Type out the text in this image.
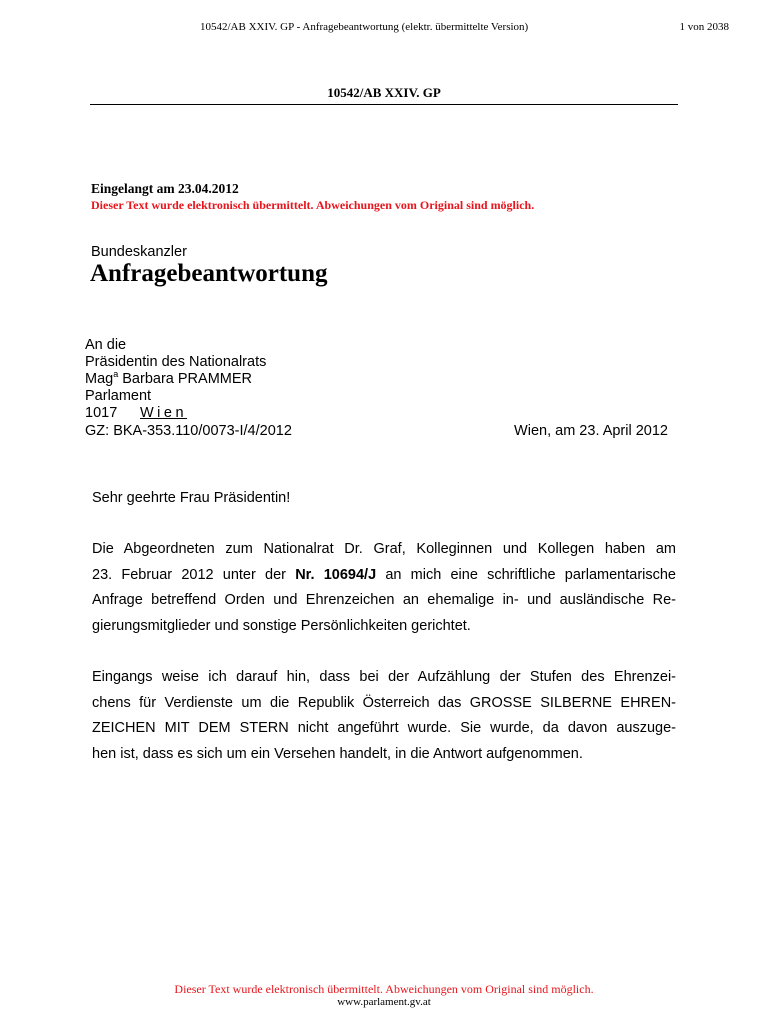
10542/AB XXIV. GP - Anfragebeantwortung (elektr. übermittelte Version)	1 von 2038
10542/AB XXIV. GP
Eingelangt am 23.04.2012
Dieser Text wurde elektronisch übermittelt. Abweichungen vom Original sind möglich.
Bundeskanzler
Anfragebeantwortung
An die
Präsidentin des Nationalrats
Mag$^a$ Barbara PRAMMER
Parlament
1017 Wien
GZ: BKA-353.110/0073-I/4/2012	Wien, am 23. April 2012
Sehr geehrte Frau Präsidentin!
Die Abgeordneten zum Nationalrat Dr. Graf, Kolleginnen und Kollegen haben am
23. Februar 2012 unter der Nr. 10694/J an mich eine schriftliche parlamentarische
Anfrage betreffend Orden und Ehrenzeichen an ehemalige in- und ausländische Re-
gierungsmitglieder und sonstige Persönlichkeiten gerichtet.
Eingangs weise ich darauf hin, dass bei der Aufzählung der Stufen des Ehrenzei-
chens für Verdienste um die Republik Österreich das GROSSE SILBERNE EHREN-
ZEICHEN MIT DEM STERN nicht angeführt wurde. Sie wurde, da davon auszuge-
hen ist, dass es sich um ein Versehen handelt, in die Antwort aufgenommen.
Dieser Text wurde elektronisch übermittelt. Abweichungen vom Original sind möglich.
www.parlament.gv.at
